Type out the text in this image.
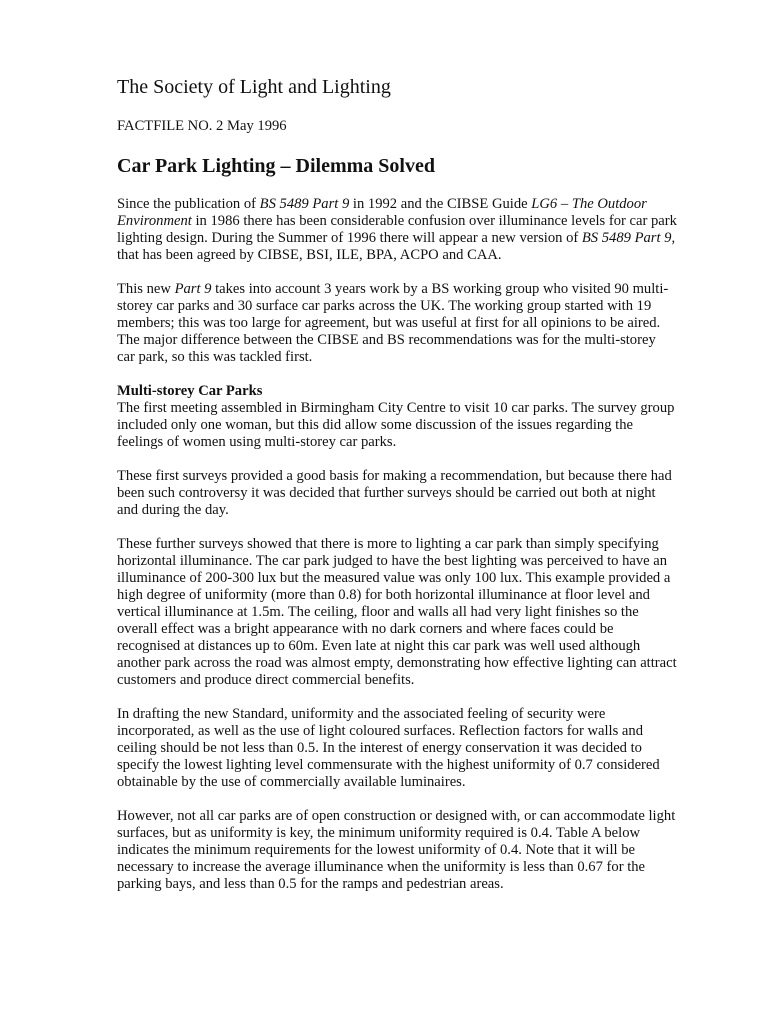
The Society of Light and Lighting
FACTFILE NO. 2 May 1996
Car Park Lighting – Dilemma Solved

Since the publication of BS 5489 Part 9 in 1992 and the CIBSE Guide LG6 – The Outdoor Environment in 1986 there has been considerable confusion over illuminance levels for car park lighting design. During the Summer of 1996 there will appear a new version of BS 5489 Part 9, that has been agreed by CIBSE, BSI, ILE, BPA, ACPO and CAA.

This new Part 9 takes into account 3 years work by a BS working group who visited 90 multi-storey car parks and 30 surface car parks across the UK. The working group started with 19 members; this was too large for agreement, but was useful at first for all opinions to be aired. The major difference between the CIBSE and BS recommendations was for the multi-storey car park, so this was tackled first.

Multi-storey Car Parks
The first meeting assembled in Birmingham City Centre to visit 10 car parks. The survey group included only one woman, but this did allow some discussion of the issues regarding the feelings of women using multi-storey car parks.

These first surveys provided a good basis for making a recommendation, but because there had been such controversy it was decided that further surveys should be carried out both at night and during the day.

These further surveys showed that there is more to lighting a car park than simply specifying horizontal illuminance. The car park judged to have the best lighting was perceived to have an illuminance of 200-300 lux but the measured value was only 100 lux. This example provided a high degree of uniformity (more than 0.8) for both horizontal illuminance at floor level and vertical illuminance at 1.5m. The ceiling, floor and walls all had very light finishes so the overall effect was a bright appearance with no dark corners and where faces could be recognised at distances up to 60m. Even late at night this car park was well used although another park across the road was almost empty, demonstrating how effective lighting can attract customers and produce direct commercial benefits.

In drafting the new Standard, uniformity and the associated feeling of security were incorporated, as well as the use of light coloured surfaces. Reflection factors for walls and ceiling should be not less than 0.5. In the interest of energy conservation it was decided to specify the lowest lighting level commensurate with the highest uniformity of 0.7 considered obtainable by the use of commercially available luminaires.

However, not all car parks are of open construction or designed with, or can accommodate light surfaces, but as uniformity is key, the minimum uniformity required is 0.4. Table A below indicates the minimum requirements for the lowest uniformity of 0.4. Note that it will be necessary to increase the average illuminance when the uniformity is less than 0.67 for the parking bays, and less than 0.5 for the ramps and pedestrian areas.
